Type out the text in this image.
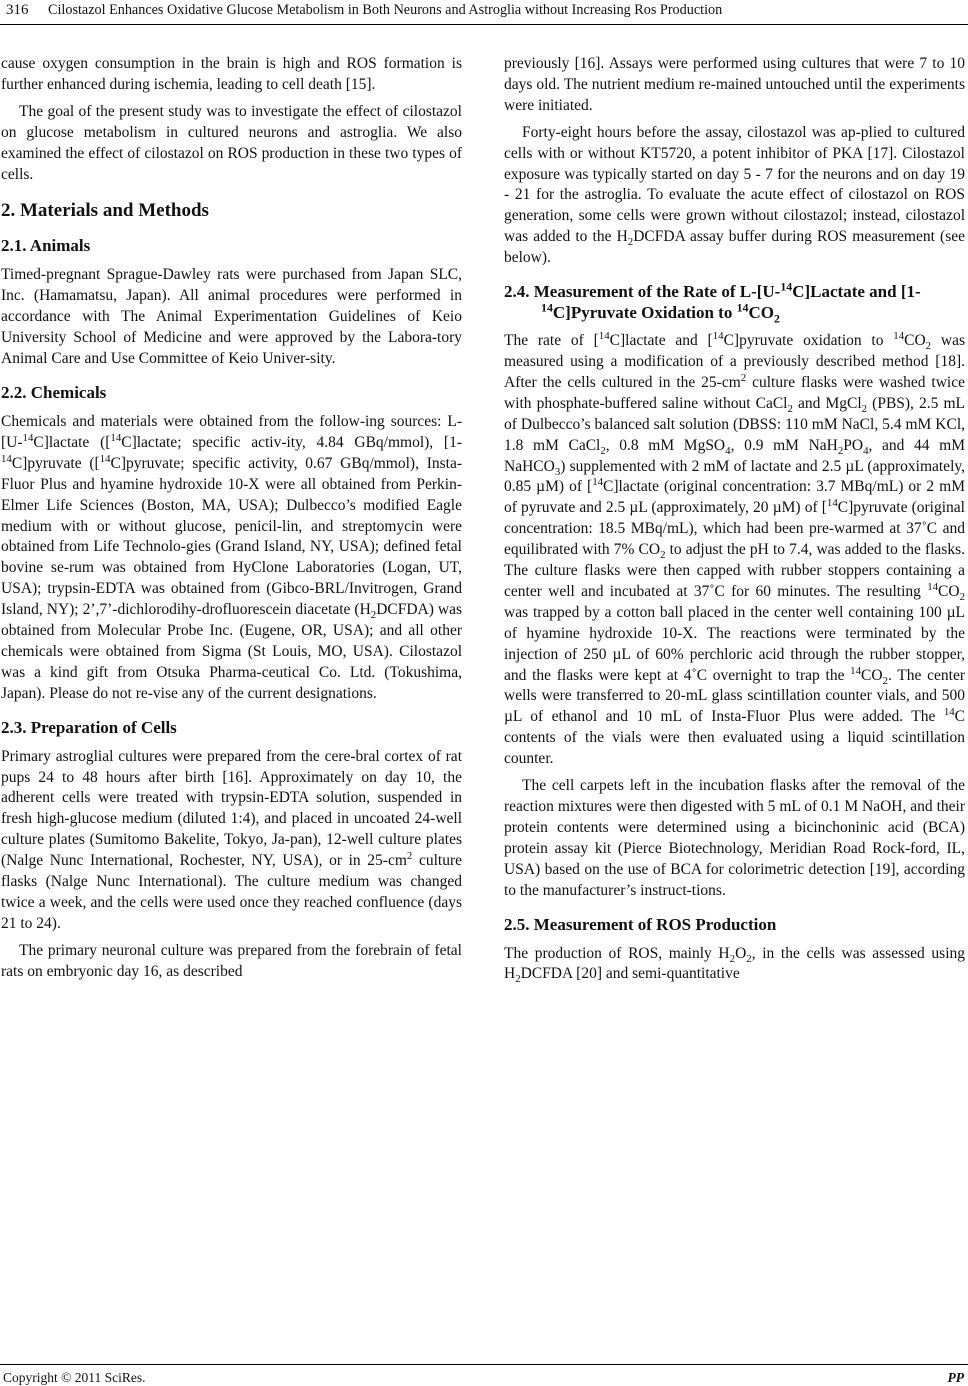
316 Cilostazol Enhances Oxidative Glucose Metabolism in Both Neurons and Astroglia without Increasing Ros Production

cause oxygen consumption in the brain is high and ROS formation is further enhanced during ischemia, leading to cell death [15].

The goal of the present study was to investigate the effect of cilostazol on glucose metabolism in cultured neurons and astroglia. We also examined the effect of cilostazol on ROS production in these two types of cells.

2. Materials and Methods
2.1. Animals

Timed-pregnant Sprague-Dawley rats were purchased from Japan SLC, Inc. (Hamamatsu, Japan). All animal procedures were performed in accordance with The Animal Experimentation Guidelines of Keio University School of Medicine and were approved by the Labora-tory Animal Care and Use Committee of Keio Univer-sity.

2.2. Chemicals

Chemicals and materials were obtained from the follow-ing sources: L-[U-$^{14}$C]lactate ([$^{14}$C]lactate; specific activ-ity, 4.84 GBq/mmol), [1-$^{14}$C]pyruvate ([$^{14}$C]pyruvate; specific activity, 0.67 GBq/mmol), Insta-Fluor Plus and hyamine hydroxide 10-X were all obtained from Perkin-Elmer Life Sciences (Boston, MA, USA); Dulbecco’s modified Eagle medium with or without glucose, penicil-lin, and streptomycin were obtained from Life Technolo-gies (Grand Island, NY, USA); defined fetal bovine se-rum was obtained from HyClone Laboratories (Logan, UT, USA); trypsin-EDTA was obtained from (Gibco-BRL/Invitrogen, Grand Island, NY); 2’,7’-dichlorodihy-drofluorescein diacetate $(H_2DCFDA)$ was obtained from Molecular Probe Inc. (Eugene, OR, USA); and all other chemicals were obtained from Sigma (St Louis, MO, USA). Cilostazol was a kind gift from Otsuka Pharma-ceutical Co. Ltd. (Tokushima, Japan). Please do not re-vise any of the current designations.

2.3. Preparation of Cells

Primary astroglial cultures were prepared from the cere-bral cortex of rat pups 24 to 48 hours after birth [16]. Approximately on day 10, the adherent cells were treated with trypsin-EDTA solution, suspended in fresh high-glucose medium (diluted 1:4), and placed in uncoated 24-well culture plates (Sumitomo Bakelite, Tokyo, Ja-pan), 12-well culture plates (Nalge Nunc International, Rochester, NY, USA), or in $25-cm^2$ culture flasks (Nalge Nunc International). The culture medium was changed twice a week, and the cells were used once they reached confluence (days 21 to 24).

The primary neuronal culture was prepared from the forebrain of fetal rats on embryonic day 16, as described

previously [16]. Assays were performed using cultures that were 7 to 10 days old. The nutrient medium re-mained untouched until the experiments were initiated.

Forty-eight hours before the assay, cilostazol was ap-plied to cultured cells with or without KT5720, a potent inhibitor of PKA [17]. Cilostazol exposure was typically started on day 5 - 7 for the neurons and on day 19 - 21 for the astroglia. To evaluate the acute effect of cilostazol on ROS generation, some cells were grown without cilostazol; instead, cilostazol was added to the $H_2DCFDA$ assay buffer during ROS measurement (see below).

2.4. Measurement of the Rate of L-[U-$^{14}$C]Lactate and [1-$^{14}$C]Pyruvate Oxidation to $^{14}CO_2$

The rate of [$^{14}$C]lactate and [$^{14}$C]pyruvate oxidation to $^{14}CO_2$ was measured using a modification of a previously described method [18]. After the cells cultured in the $25-cm^2$ culture flasks were washed twice with phosphate-buffered saline without CaCl$_2$ and MgCl$_2$ (PBS), 2.5 mL of Dulbecco’s balanced salt solution (DBSS: 110 mM NaCl, 5.4 mM KCl, 1.8 mM CaCl$_2$, 0.8 mM MgSO$_4$, 0.9 mM $NaH_2PO_4$, and 44 mM NaHCO$_3$) supplemented with 2 mM of lactate and 2.5 µL (approximately, 0.85 µM) of [$^{14}$C]lactate (original concentration: 3.7 MBq/mL) or 2 mM of pyruvate and 2.5 µL (approximately, 20 µM) of [$^{14}$C]pyruvate (original concentration: 18.5 MBq/mL), which had been pre-warmed at 37˚C and equilibrated with 7% $CO_2$ to adjust the pH to 7.4, was added to the flasks. The culture flasks were then capped with rubber stoppers containing a center well and incubated at 37˚C for 60 minutes. The resulting $^{14}CO_2$ was trapped by a cotton ball placed in the center well containing 100 µL of hyamine hydroxide 10-X. The reactions were terminated by the injection of 250 µL of 60% perchloric acid through the rubber stopper, and the flasks were kept at 4˚C overnight to trap the $^{14}CO_2$. The center wells were transferred to 20-mL glass scintillation counter vials, and 500 µL of ethanol and 10 mL of Insta-Fluor Plus were added. The $^{14}$C contents of the vials were then evaluated using a liquid scintillation counter.

The cell carpets left in the incubation flasks after the removal of the reaction mixtures were then digested with 5 mL of 0.1 M NaOH, and their protein contents were determined using a bicinchoninic acid (BCA) protein assay kit (Pierce Biotechnology, Meridian Road Rock-ford, IL, USA) based on the use of BCA for colorimetric detection [19], according to the manufacturer’s instruct-tions.

2.5. Measurement of ROS Production

The production of ROS, mainly $H_2O_2$, in the cells was assessed using $H_2DCFDA$ [20] and semi-quantitative

Copyright © 2011 SciRes.	PP
